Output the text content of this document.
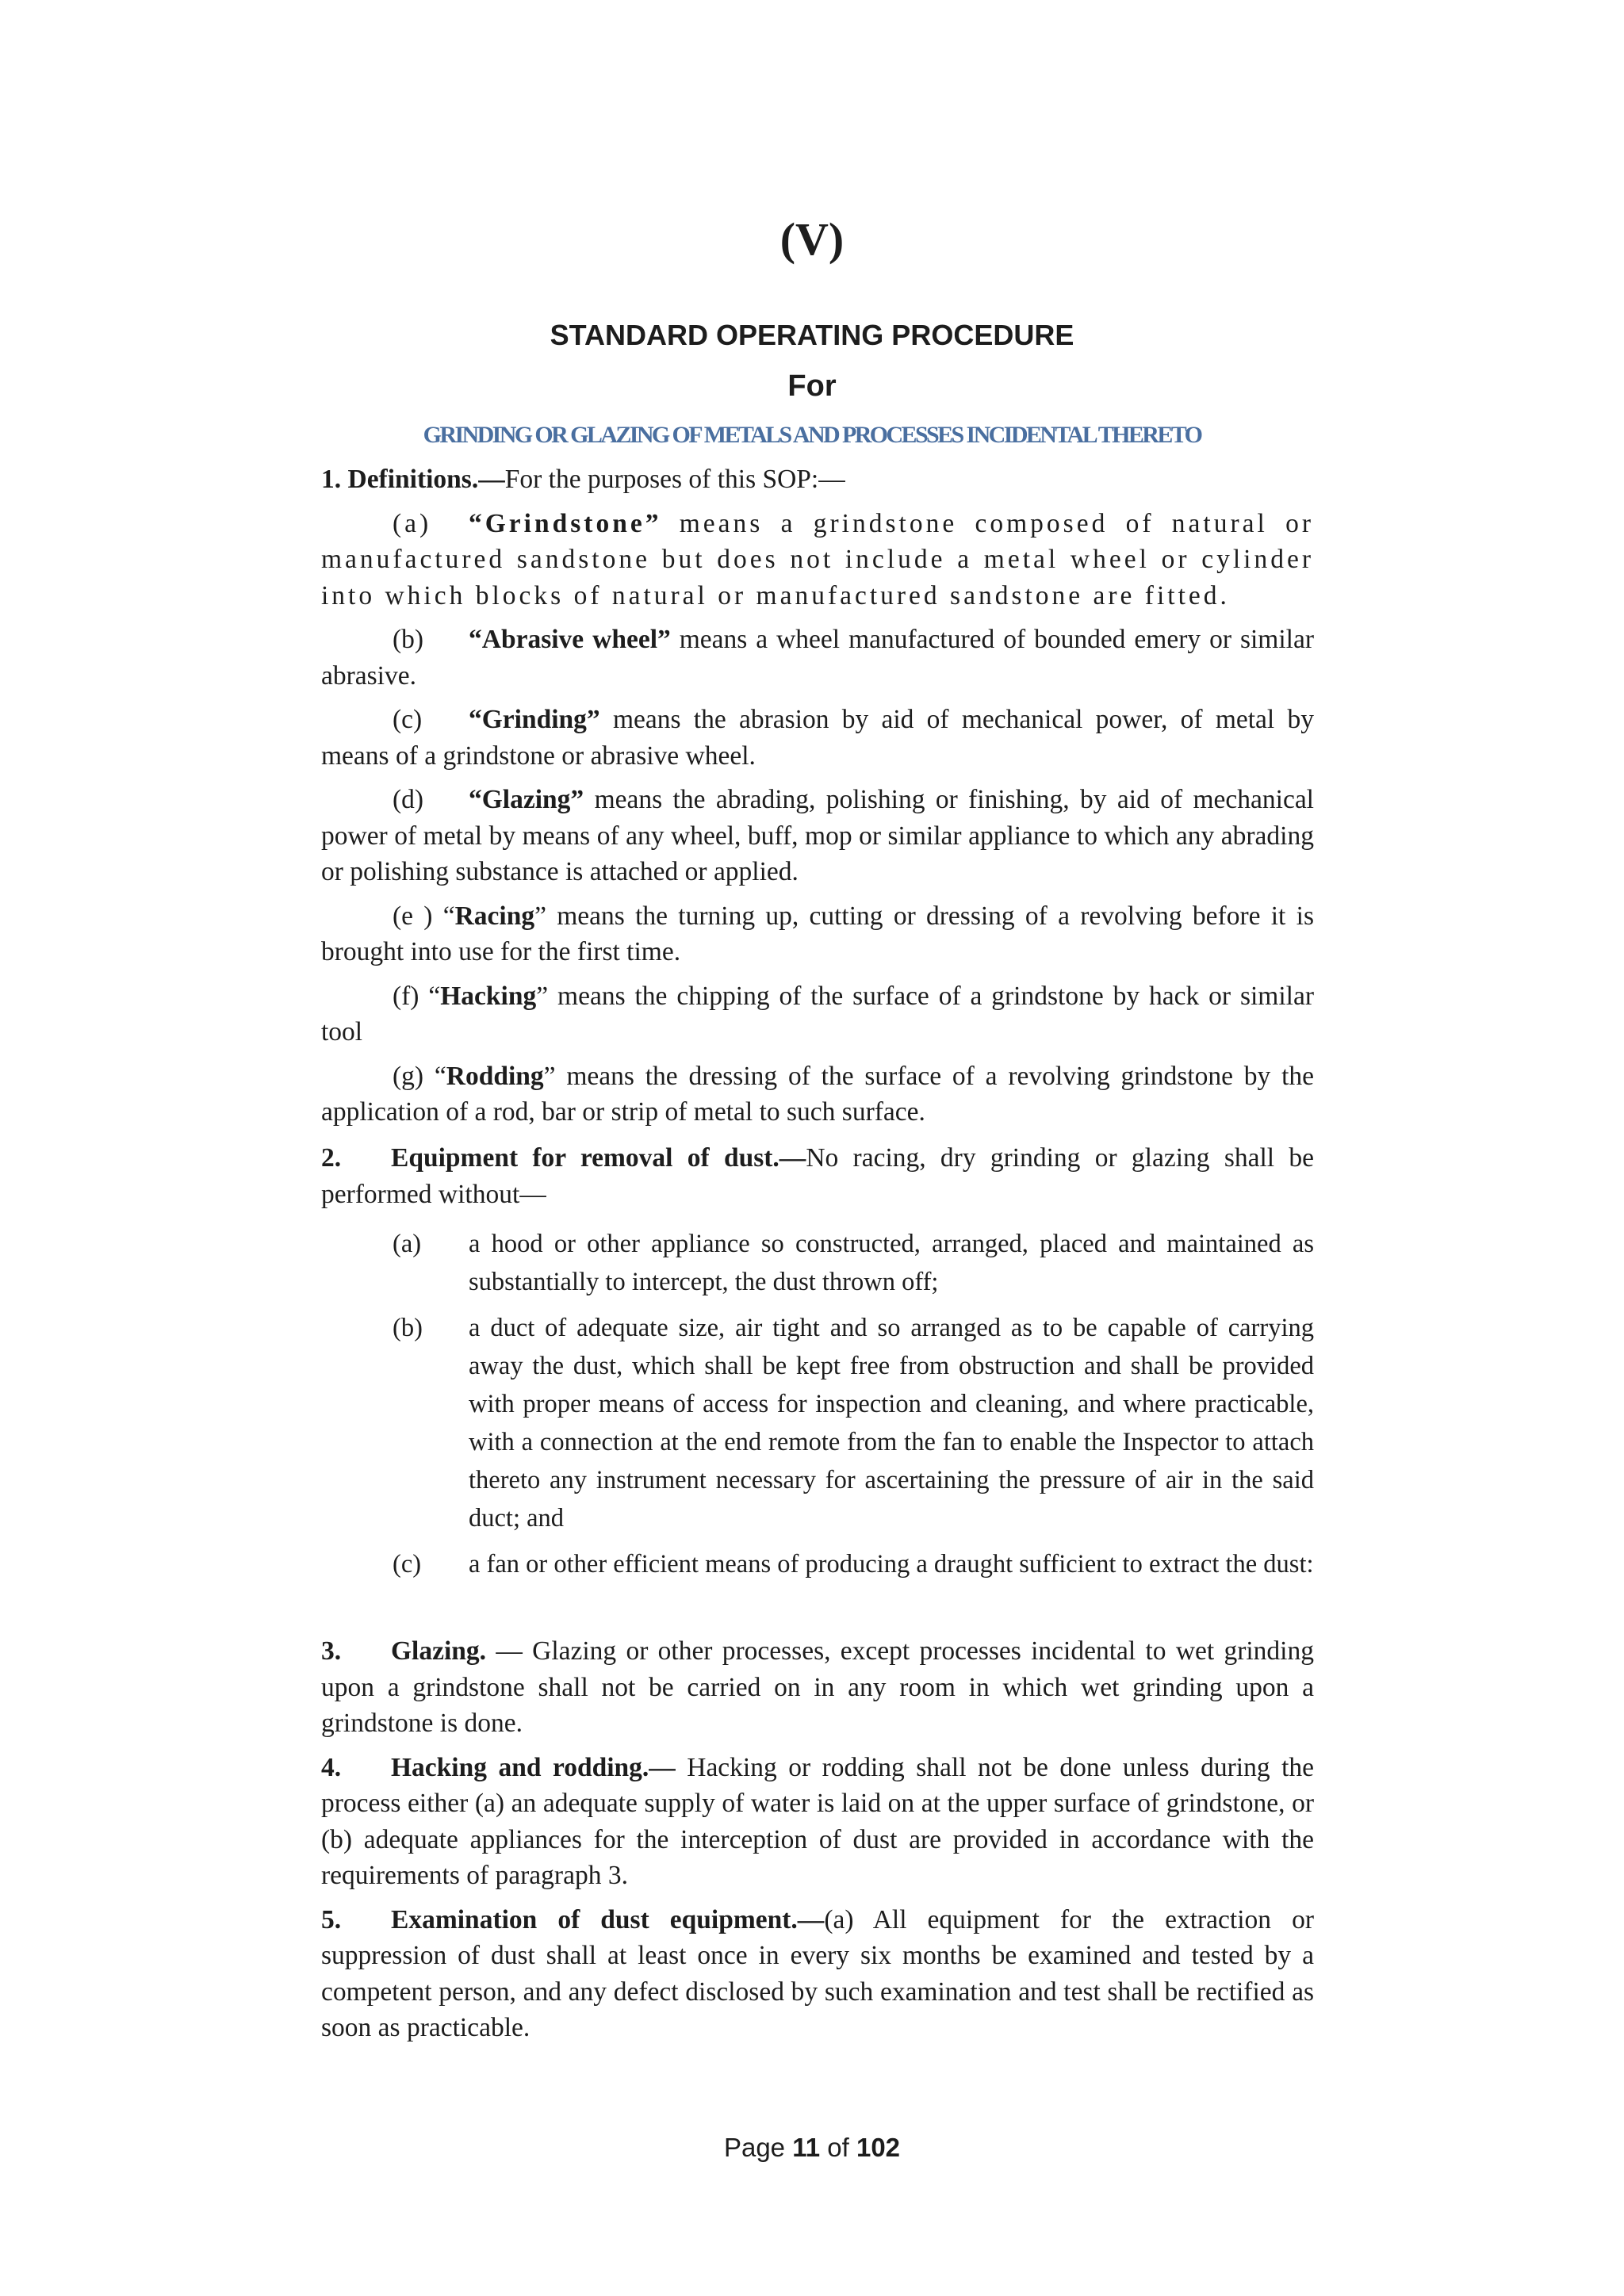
(V)
STANDARD OPERATING PROCEDURE
For
GRINDING OR GLAZING OF METALS AND PROCESSES INCIDENTAL THERETO

1. Definitions.—For the purposes of this SOP:—

(a) “Grindstone” means a grindstone composed of natural or manufactured sandstone but does not include a metal wheel or cylinder into which blocks of natural or manufactured sandstone are fitted.

(b) “Abrasive wheel” means a wheel manufactured of bounded emery or similar abrasive.

(c) “Grinding” means the abrasion by aid of mechanical power, of metal by means of a grindstone or abrasive wheel.

(d) “Glazing” means the abrading, polishing or finishing, by aid of mechanical power of metal by means of any wheel, buff, mop or similar appliance to which any abrading or polishing substance is attached or applied.

(e ) “Racing” means the turning up, cutting or dressing of a revolving before it is brought into use for the first time.

(f) “Hacking” means the chipping of the surface of a grindstone by hack or similar tool

(g) “Rodding” means the dressing of the surface of a revolving grindstone by the application of a rod, bar or strip of metal to such surface.

2. Equipment for removal of dust.—No racing, dry grinding or glazing shall be performed without—

(a) a hood or other appliance so constructed, arranged, placed and maintained as substantially to intercept, the dust thrown off;
(b) a duct of adequate size, air tight and so arranged as to be capable of carrying away the dust, which shall be kept free from obstruction and shall be provided with proper means of access for inspection and cleaning, and where practicable, with a connection at the end remote from the fan to enable the Inspector to attach thereto any instrument necessary for ascertaining the pressure of air in the said duct; and
(c) a fan or other efficient means of producing a draught sufficient to extract the dust:

3. Glazing. — Glazing or other processes, except processes incidental to wet grinding upon a grindstone shall not be carried on in any room in which wet grinding upon a grindstone is done.

4. Hacking and rodding.— Hacking or rodding shall not be done unless during the process either (a) an adequate supply of water is laid on at the upper surface of grindstone, or (b) adequate appliances for the interception of dust are provided in accordance with the requirements of paragraph 3.

5. Examination of dust equipment.—(a) All equipment for the extraction or suppression of dust shall at least once in every six months be examined and tested by a competent person, and any defect disclosed by such examination and test shall be rectified as soon as practicable.

Page 11 of 102
